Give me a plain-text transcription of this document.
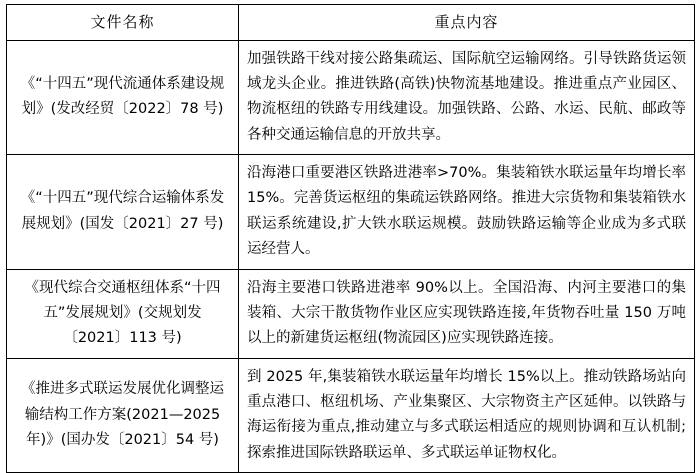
文件名称	重点内容
《“十四五”现代流通体系建设规划》(发改经贸〔2022〕78 号)	加强铁路干线对接公路集疏运、国际航空运输网络。引导铁路货运领域龙头企业。推进铁路(高铁)快物流基地建设。推进重点产业园区、物流枢纽的铁路专用线建设。加强铁路、公路、水运、民航、邮政等各种交通运输信息的开放共享。
《“十四五”现代综合运输体系发展规划》(国发〔2021〕27 号)	沿海港口重要港区铁路进港率>70%。集装箱铁水联运量年均增长率 15%。完善货运枢纽的集疏运铁路网络。推进大宗货物和集装箱铁水联运系统建设,扩大铁水联运规模。鼓励铁路运输等企业成为多式联运经营人。
《现代综合交通枢纽体系“十四五”发展规划》(交规划发〔2021〕113 号)	沿海主要港口铁路进港率 90%以上。全国沿海、内河主要港口的集装箱、大宗干散货物作业区应实现铁路连接,年货物吞吐量 150 万吨以上的新建货运枢纽(物流园区)应实现铁路连接。
《推进多式联运发展优化调整运输结构工作方案(2021—2025 年)》(国办发〔2021〕54 号)	到 2025 年,集装箱铁水联运量年均增长 15%以上。推动铁路场站向重点港口、枢纽机场、产业集聚区、大宗物资主产区延伸。以铁路与海运衔接为重点,推动建立与多式联运相适应的规则协调和互认机制;探索推进国际铁路联运单、多式联运单证物权化。
